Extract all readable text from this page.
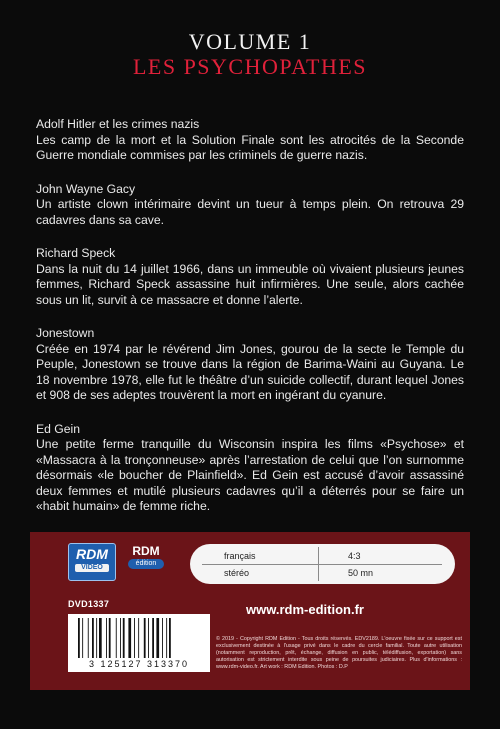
VOLUME 1
LES PSYCHOPATHES
Adolf Hitler et les crimes nazis
Les camp de la mort et la Solution Finale sont les atrocités de la Seconde Guerre mondiale commises par les criminels de guerre nazis.
John Wayne Gacy
Un artiste clown intérimaire devint un tueur à temps plein. On retrouva 29 cadavres dans sa cave.
Richard Speck
Dans la nuit du 14 juillet 1966, dans un immeuble où vivaient plusieurs jeunes femmes, Richard Speck assassine huit infirmières. Une seule, alors cachée sous un lit, survit à ce massacre et donne l’alerte.
Jonestown
Créée en 1974 par le révérend Jim Jones, gourou de la secte le Temple du Peuple, Jonestown se trouve dans la région de Barima-Waini au Guyana. Le 18 novembre 1978, elle fut le théâtre d’un suicide collectif, durant lequel Jones et 908 de ses adeptes trouvèrent la mort en ingérant du cyanure.
Ed Gein
Une petite ferme tranquille du Wisconsin inspira les films «Psychose» et «Massacra à la tronçonneuse» après l’arrestation de celui que l’on surnomme désormais «le boucher de Plainfield». Ed Gein est accusé d’avoir assassiné deux femmes et mutilé plusieurs cadavres qu’il a déterrés pour se faire un «habit humain» de femme riche.
RDM
VIDEO
RDM
édition
français	4:3
stéréo	50 mn
DVD1337
3 125127 313370
www.rdm-edition.fr
© 2019 - Copyright RDM Edition - Tous droits réservés. EDV2189. L'oeuvre fixée sur ce support est exclusivement destinée à l'usage privé dans le cadre du cercle familial. Toute autre utilisation (notamment reproduction, prêt, échange, diffusion en public, télédiffusion, exportation) sans autorisation est strictement interdite sous peine de poursuites judiciaires. Plus d'informations : www.rdm-video.fr. Art work : RDM Edition. Photos : D.P
